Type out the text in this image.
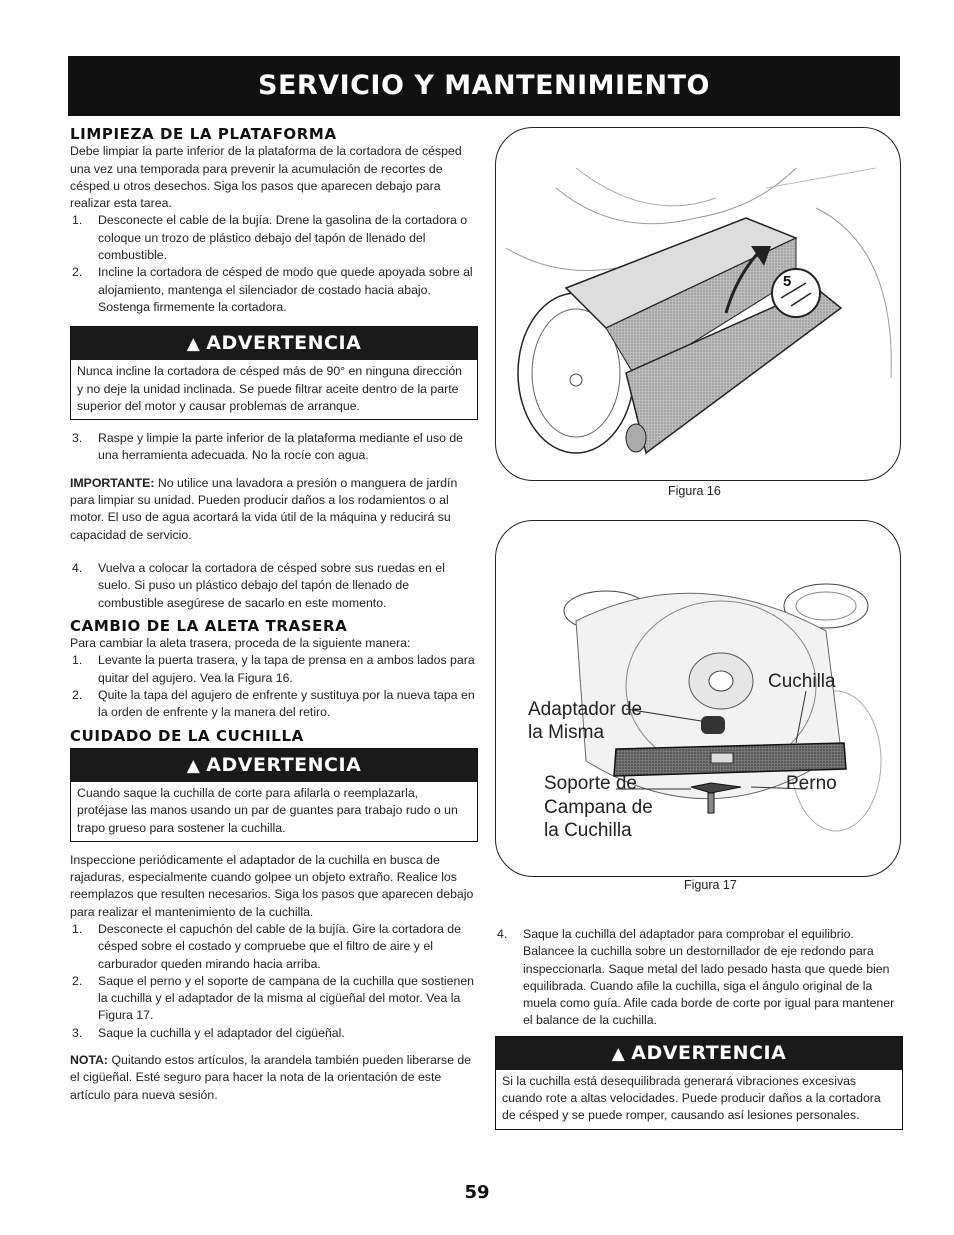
SERVICIO Y MANTENIMIENTO
LIMPIEZA DE LA PLATAFORMA

Debe limpiar la parte inferior de la plataforma de la cortadora de césped una vez una temporada para prevenir la acumulación de recortes de césped u otros desechos. Siga los pasos que aparecen debajo para realizar esta tarea.

1. Desconecte el cable de la bujía. Drene la gasolina de la cortadora o coloque un trozo de plástico debajo del tapón de llenado del combustible.
2. Incline la cortadora de césped de modo que quede apoyada sobre al alojamiento, mantenga el silenciador de costado hacia abajo. Sostenga firmemente la cortadora.
▲ ADVERTENCIA
Nunca incline la cortadora de césped más de 90° en ninguna dirección y no deje la unidad inclinada. Se puede filtrar aceite dentro de la parte superior del motor y causar problemas de arranque.
3. Raspe y limpie la parte inferior de la plataforma mediante el uso de una herramienta adecuada. No la rocíe con agua.

IMPORTANTE: No utilice una lavadora a presión o manguera de jardín para limpiar su unidad. Pueden producir daños a los rodamientos o al motor. El uso de agua acortará la vida útil de la máquina y reducirá su capacidad de servicio.

4. Vuelva a colocar la cortadora de césped sobre sus ruedas en el suelo. Si puso un plástico debajo del tapón de llenado de combustible asegúrese de sacarlo en este momento.
CAMBIO DE LA ALETA TRASERA

Para cambiar la aleta trasera, proceda de la siguiente manera:

1. Levante la puerta trasera, y la tapa de prensa en a ambos lados para quitar del agujero. Vea la Figura 16.
2. Quite la tapa del agujero de enfrente y sustituya por la nueva tapa en la orden de enfrente y la manera del retiro.
CUIDADO DE LA CUCHILLA
▲ ADVERTENCIA
Cuando saque la cuchilla de corte para afilarla o reemplazarla, protéjase las manos usando un par de guantes para trabajo rudo o un trapo grueso para sostener la cuchilla.

Inspeccione periódicamente el adaptador de la cuchilla en busca de rajaduras, especialmente cuando golpee un objeto extraño. Realice los reemplazos que resulten necesarios. Siga los pasos que aparecen debajo para realizar el mantenimiento de la cuchilla.

1. Desconecte el capuchón del cable de la bujía. Gire la cortadora de césped sobre el costado y compruebe que el filtro de aire y el carburador queden mirando hacia arriba.
2. Saque el perno y el soporte de campana de la cuchilla que sostienen la cuchilla y el adaptador de la misma al cigüeñal del motor. Vea la Figura 17.
3. Saque la cuchilla y el adaptador del cigüeñal.

NOTA: Quitando estos artículos, la arandela también pueden liberarse de el cigüeñal. Esté seguro para hacer la nota de la orientación de este artículo para nueva sesión.

5
Figura 16
Cuchilla
Adaptador de
la Misma
Soporte de
Campana de
la Cuchilla
Perno
Figura 17
4. Saque la cuchilla del adaptador para comprobar el equilibrio. Balancee la cuchilla sobre un destornillador de eje redondo para inspeccionarla. Saque metal del lado pesado hasta que quede bien equilibrada. Cuando afile la cuchilla, siga el ángulo original de la muela como guía. Afile cada borde de corte por igual para mantener el balance de la cuchilla.
▲ ADVERTENCIA
Si la cuchilla está desequilibrada generará vibraciones excesivas cuando rote a altas velocidades. Puede producir daños a la cortadora de césped y se puede romper, causando así lesiones personales.
59
